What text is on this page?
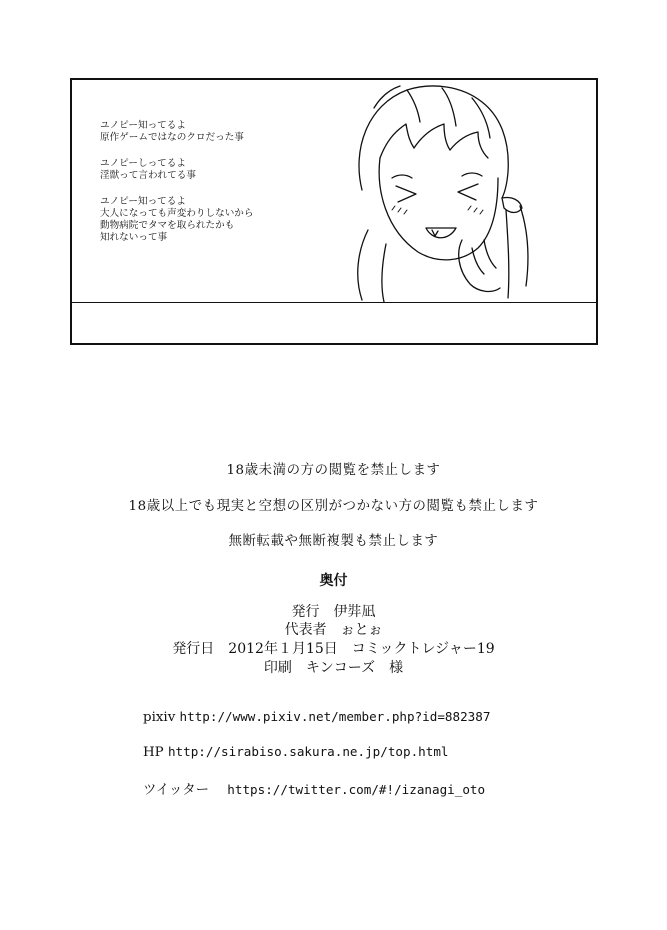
ユノピー知ってるよ
原作ゲームではなのクロだった事

ユノピーしってるよ
淫獣って言われてる事

ユノピー知ってるよ
大人になっても声変わりしないから
動物病院でタマを取られたかも
知れないって事

18歳未満の方の閲覧を禁止します
18歳以上でも現実と空想の区別がつかない方の閲覧も禁止します
無断転載や無断複製も禁止します
奥付
発行　伊弉凪
代表者　ぉとぉ
発行日　2012年１月15日　コミックトレジャー19
印刷　キンコーズ　様
pixiv http://www.pixiv.net/member.php?id=882387
HP http://sirabiso.sakura.ne.jp/top.html
ツイッター https://twitter.com/#!/izanagi_oto
